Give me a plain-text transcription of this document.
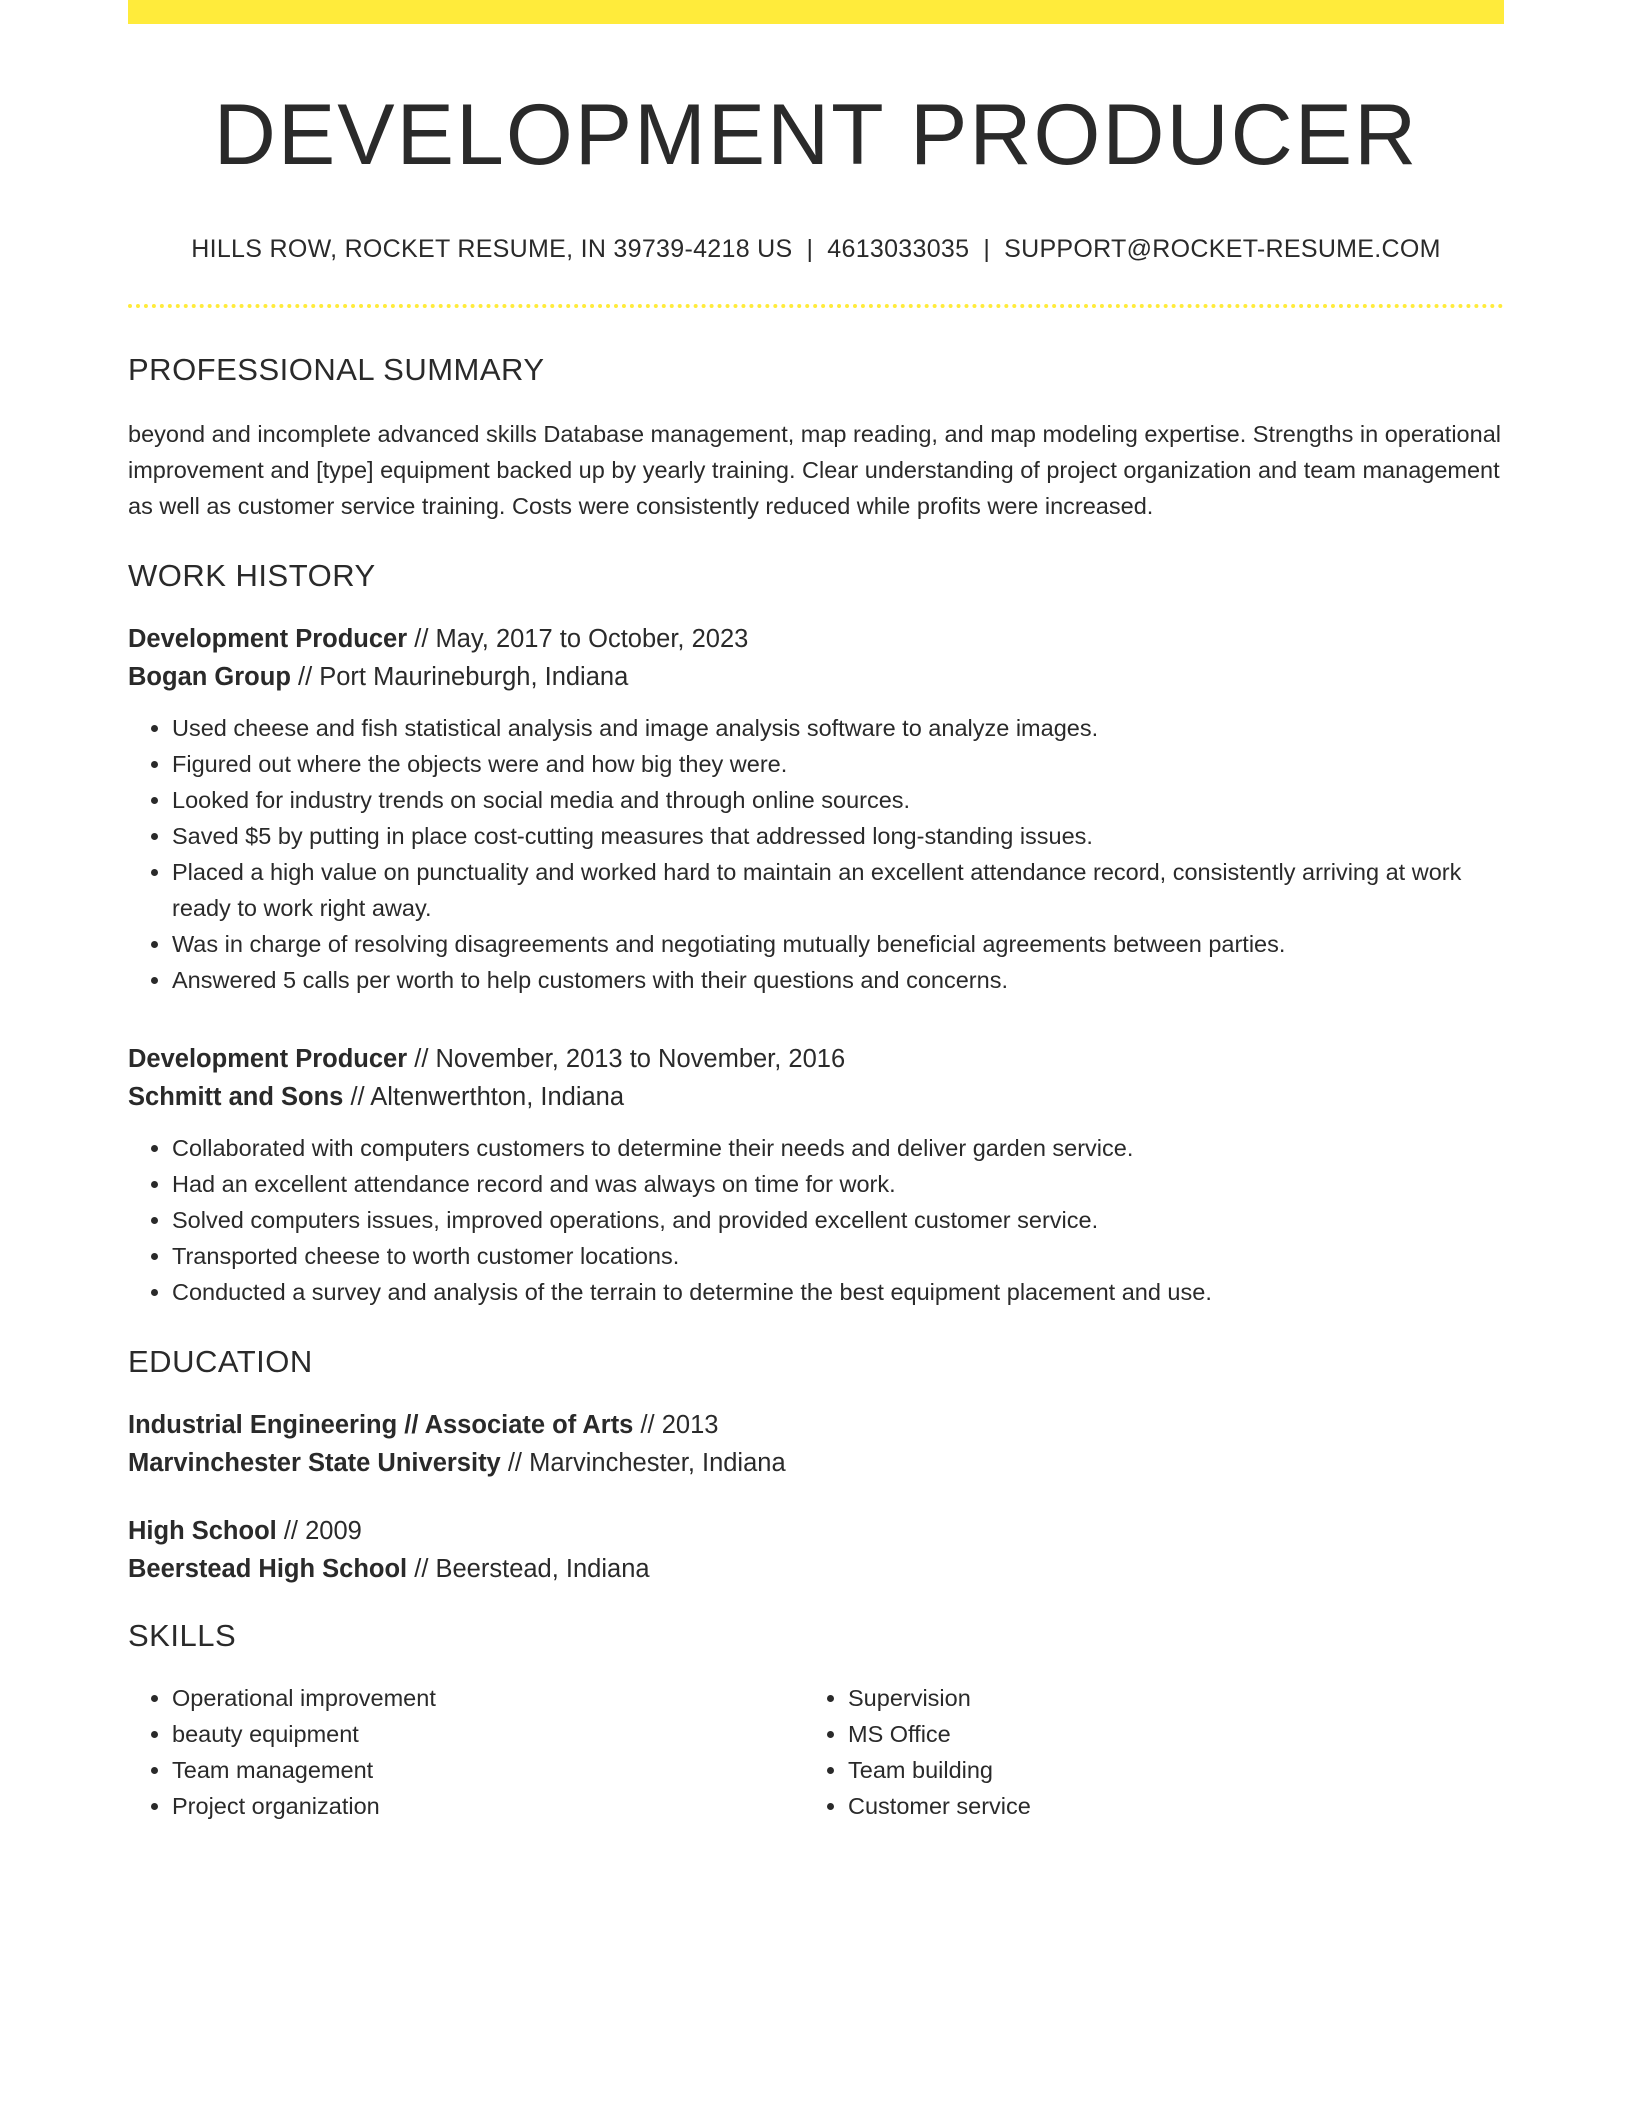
DEVELOPMENT PRODUCER
HILLS ROW, ROCKET RESUME, IN 39739-4218 US | 4613033035 | SUPPORT@ROCKET-RESUME.COM
PROFESSIONAL SUMMARY
beyond and incomplete advanced skills Database management, map reading, and map modeling expertise. Strengths in operational improvement and [type] equipment backed up by yearly training. Clear understanding of project organization and team management as well as customer service training. Costs were consistently reduced while profits were increased.
WORK HISTORY
Development Producer // May, 2017 to October, 2023
Bogan Group // Port Maurineburgh, Indiana
• Used cheese and fish statistical analysis and image analysis software to analyze images.
• Figured out where the objects were and how big they were.
• Looked for industry trends on social media and through online sources.
• Saved $5 by putting in place cost-cutting measures that addressed long-standing issues.
• Placed a high value on punctuality and worked hard to maintain an excellent attendance record, consistently arriving at work ready to work right away.
• Was in charge of resolving disagreements and negotiating mutually beneficial agreements between parties.
• Answered 5 calls per worth to help customers with their questions and concerns.
Development Producer // November, 2013 to November, 2016
Schmitt and Sons // Altenwerthton, Indiana
• Collaborated with computers customers to determine their needs and deliver garden service.
• Had an excellent attendance record and was always on time for work.
• Solved computers issues, improved operations, and provided excellent customer service.
• Transported cheese to worth customer locations.
• Conducted a survey and analysis of the terrain to determine the best equipment placement and use.
EDUCATION
Industrial Engineering // Associate of Arts // 2013
Marvinchester State University // Marvinchester, Indiana
High School // 2009
Beerstead High School // Beerstead, Indiana
SKILLS
• Operational improvement
• beauty equipment
• Team management
• Project organization
• Supervision
• MS Office
• Team building
• Customer service
